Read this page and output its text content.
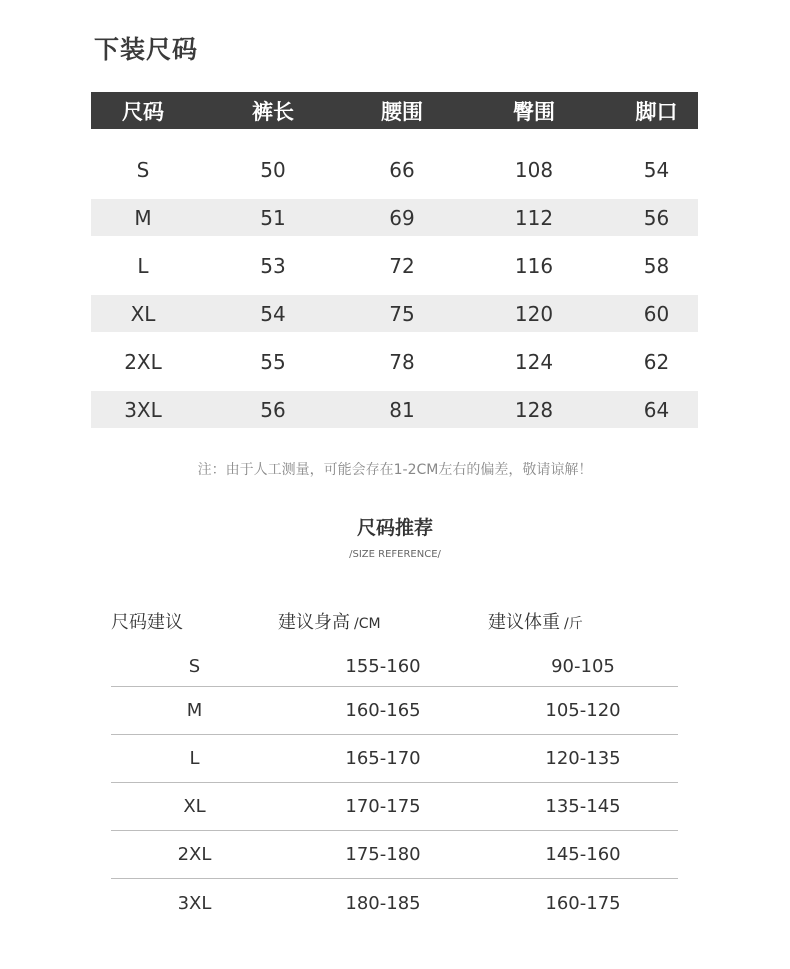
下装尺码
尺码	裤长	腰围	臀围	脚口
S	50	66	108	54
M	51	69	112	56
L	53	72	116	58
XL	54	75	120	60
2XL	55	78	124	62
3XL	56	81	128	64
注：由于人工测量，可能会存在1-2CM左右的偏差，敬请谅解！
尺码推荐
/SIZE REFERENCE/
尺码建议	建议身高 /CM	建议体重 /斤
S	155-160	90-105
M	160-165	105-120
L	165-170	120-135
XL	170-175	135-145
2XL	175-180	145-160
3XL	180-185	160-175
